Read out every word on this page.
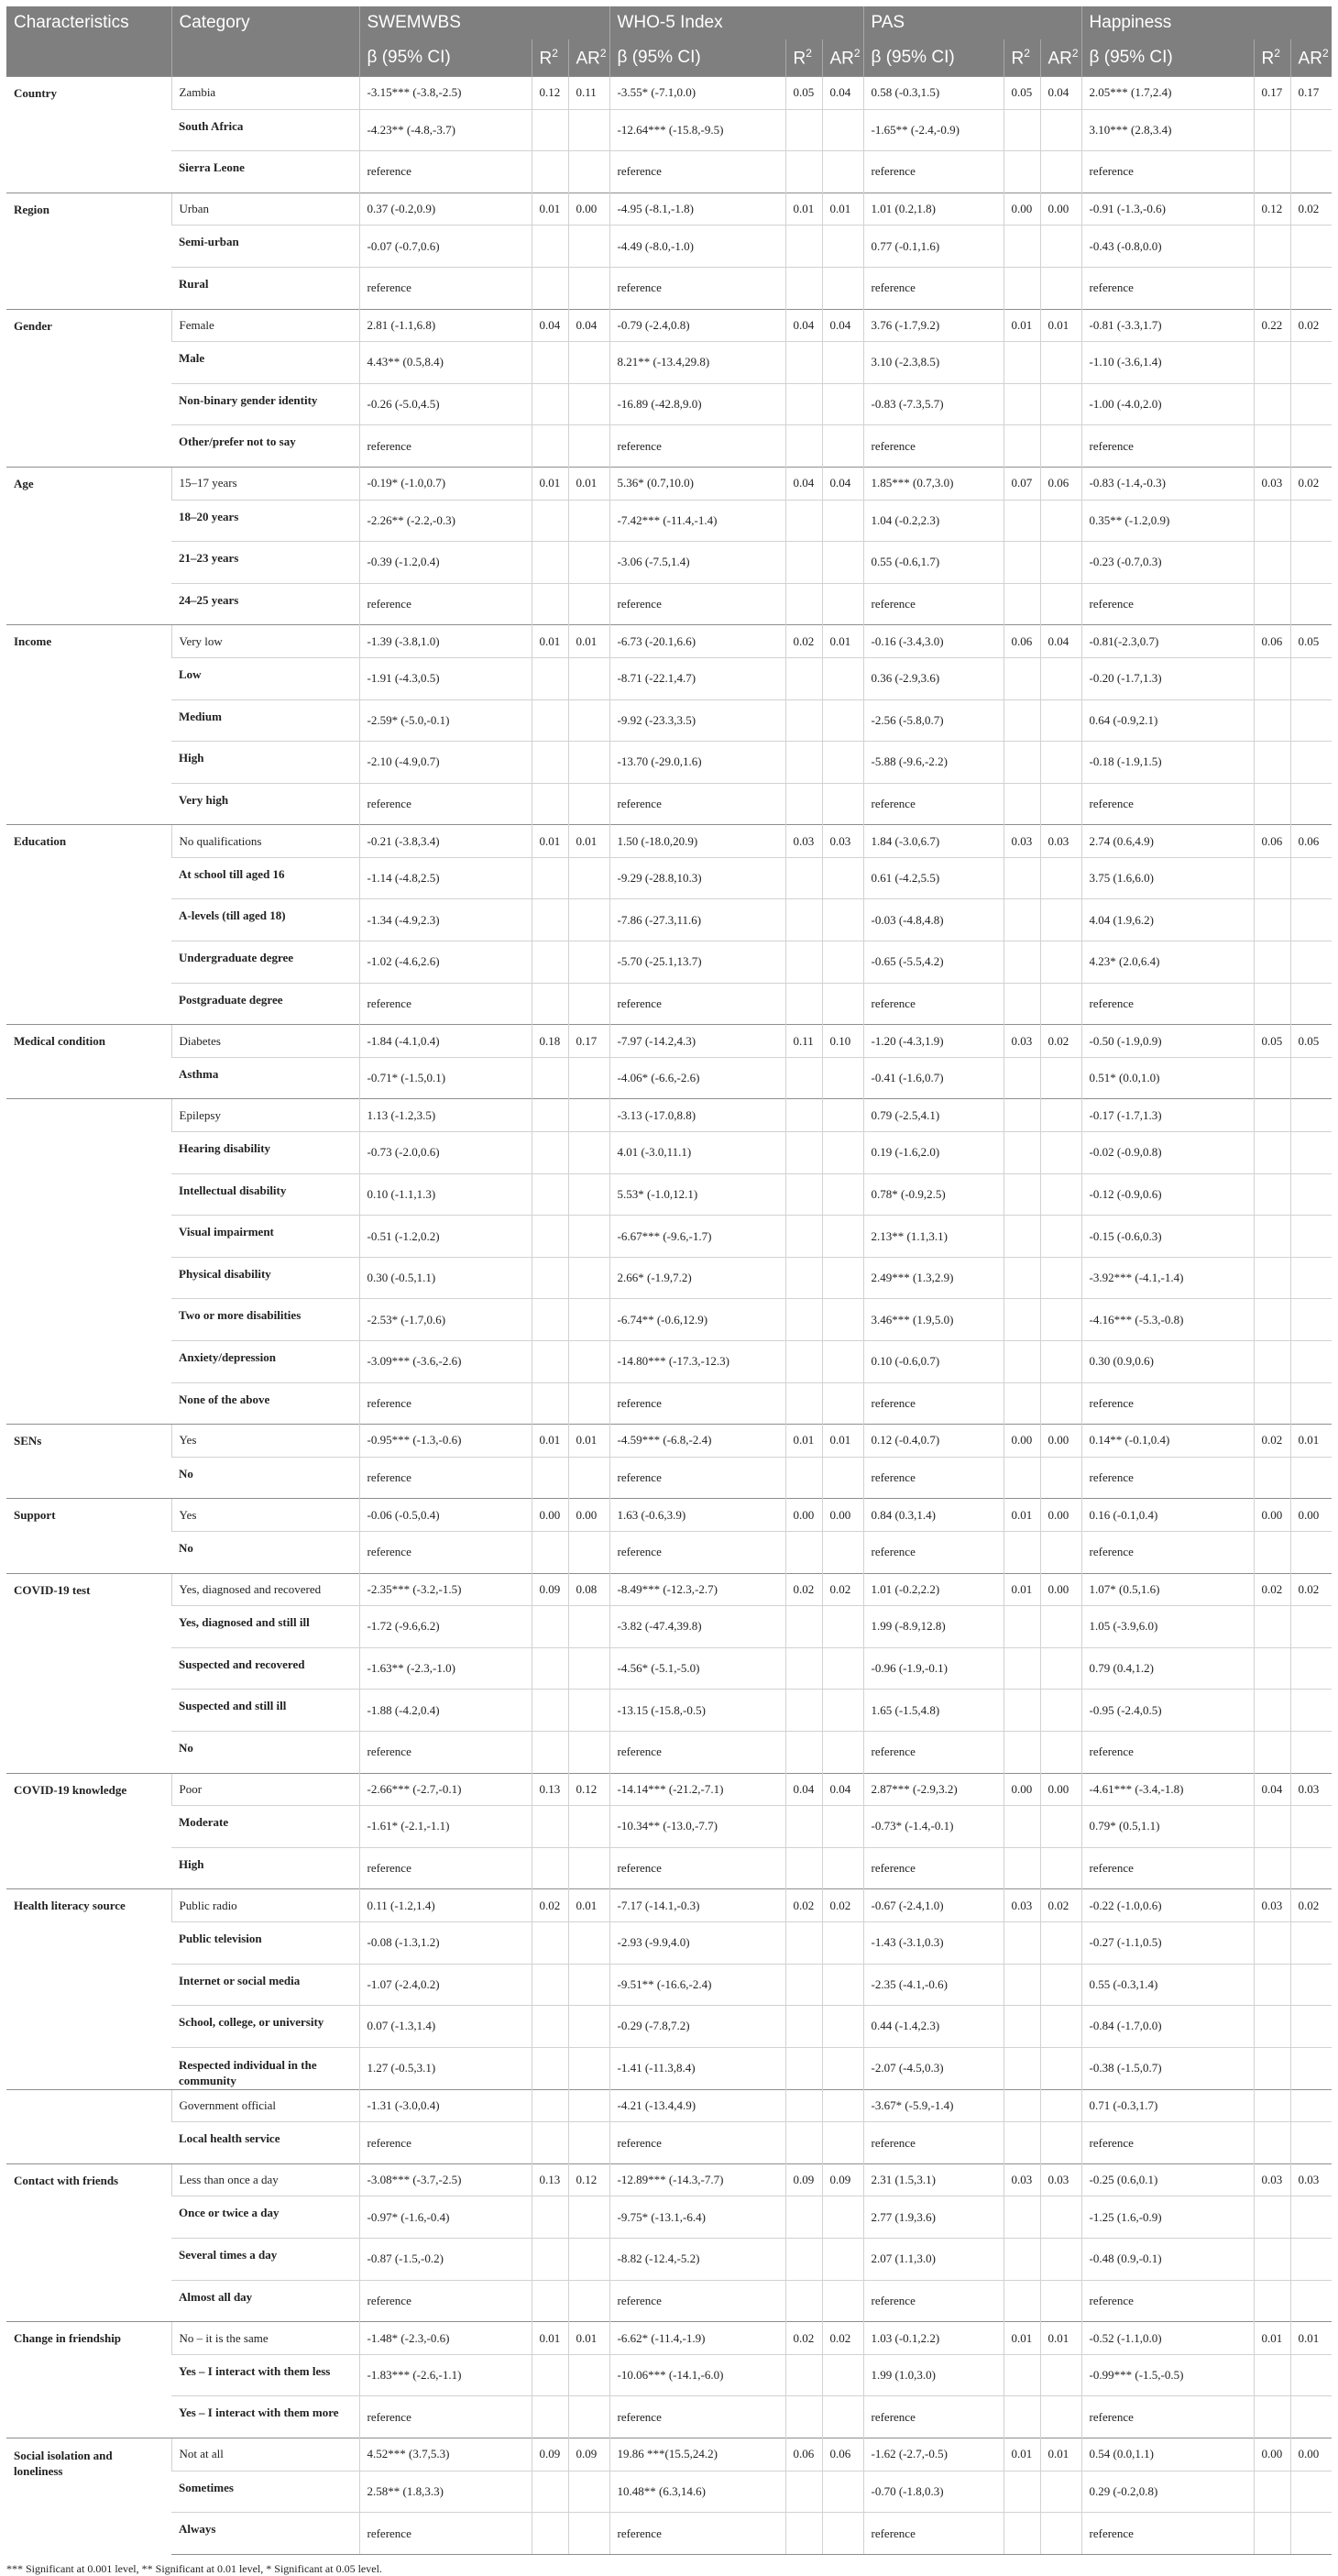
Characteristics	Category	SWEMWBS			WHO-5 Index			PAS			Happiness		
		β (95% CI)	$R^2$	$AR^2$	β (95% CI)	$R^2$	$AR^2$	β (95% CI)	$R^2$	$AR^2$	β (95% CI)	$R^2$	$AR^2$
Country	Zambia	-3.15*** (-3.8,-2.5)	0.12	0.11	-3.55* (-7.1,0.0)	0.05	0.04	0.58 (-0.3,1.5)	0.05	0.04	2.05*** (1.7,2.4)	0.17	0.17
	South Africa	-4.23** (-4.8,-3.7)			-12.64*** (-15.8,-9.5)			-1.65** (-2.4,-0.9)			3.10*** (2.8,3.4)		
	Sierra Leone	reference			reference			reference			reference		
Region	Urban	0.37 (-0.2,0.9)	0.01	0.00	-4.95 (-8.1,-1.8)	0.01	0.01	1.01 (0.2,1.8)	0.00	0.00	-0.91 (-1.3,-0.6)	0.12	0.02
	Semi-urban	-0.07 (-0.7,0.6)			-4.49 (-8.0,-1.0)			0.77 (-0.1,1.6)			-0.43 (-0.8,0.0)		
	Rural	reference			reference			reference			reference		
Gender	Female	2.81 (-1.1,6.8)	0.04	0.04	-0.79 (-2.4,0.8)	0.04	0.04	3.76 (-1.7,9.2)	0.01	0.01	-0.81 (-3.3,1.7)	0.22	0.02
	Male	4.43** (0.5,8.4)			8.21** (-13.4,29.8)			3.10 (-2.3,8.5)			-1.10 (-3.6,1.4)		
	Non-binary gender identity	-0.26 (-5.0,4.5)			-16.89 (-42.8,9.0)			-0.83 (-7.3,5.7)			-1.00 (-4.0,2.0)		
	Other/prefer not to say	reference			reference			reference			reference		
Age	15–17 years	-0.19* (-1.0,0.7)	0.01	0.01	5.36* (0.7,10.0)	0.04	0.04	1.85*** (0.7,3.0)	0.07	0.06	-0.83 (-1.4,-0.3)	0.03	0.02
	18–20 years	-2.26** (-2.2,-0.3)			-7.42*** (-11.4,-1.4)			1.04 (-0.2,2.3)			0.35** (-1.2,0.9)		
	21–23 years	-0.39 (-1.2,0.4)			-3.06 (-7.5,1.4)			0.55 (-0.6,1.7)			-0.23 (-0.7,0.3)		
	24–25 years	reference			reference			reference			reference		
Income	Very low	-1.39 (-3.8,1.0)	0.01	0.01	-6.73 (-20.1,6.6)	0.02	0.01	-0.16 (-3.4,3.0)	0.06	0.04	-0.81(-2.3,0.7)	0.06	0.05
	Low	-1.91 (-4.3,0.5)			-8.71 (-22.1,4.7)			0.36 (-2.9,3.6)			-0.20 (-1.7,1.3)		
	Medium	-2.59* (-5.0,-0.1)			-9.92 (-23.3,3.5)			-2.56 (-5.8,0.7)			0.64 (-0.9,2.1)		
	High	-2.10 (-4.9,0.7)			-13.70 (-29.0,1.6)			-5.88 (-9.6,-2.2)			-0.18 (-1.9,1.5)		
	Very high	reference			reference			reference			reference		
Education	No qualifications	-0.21 (-3.8,3.4)	0.01	0.01	1.50 (-18.0,20.9)	0.03	0.03	1.84 (-3.0,6.7)	0.03	0.03	2.74 (0.6,4.9)	0.06	0.06
	At school till aged 16	-1.14 (-4.8,2.5)			-9.29 (-28.8,10.3)			0.61 (-4.2,5.5)			3.75 (1.6,6.0)		
	A-levels (till aged 18)	-1.34 (-4.9,2.3)			-7.86 (-27.3,11.6)			-0.03 (-4.8,4.8)			4.04 (1.9,6.2)		
	Undergraduate degree	-1.02 (-4.6,2.6)			-5.70 (-25.1,13.7)			-0.65 (-5.5,4.2)			4.23* (2.0,6.4)		
	Postgraduate degree	reference			reference			reference			reference		
Medical condition	Diabetes	-1.84 (-4.1,0.4)	0.18	0.17	-7.97 (-14.2,4.3)	0.11	0.10	-1.20 (-4.3,1.9)	0.03	0.02	-0.50 (-1.9,0.9)	0.05	0.05
	Asthma	-0.71* (-1.5,0.1)			-4.06* (-6.6,-2.6)			-0.41 (-1.6,0.7)			0.51* (0.0,1.0)		
	Epilepsy	1.13 (-1.2,3.5)			-3.13 (-17.0,8.8)			0.79 (-2.5,4.1)			-0.17 (-1.7,1.3)		
	Hearing disability	-0.73 (-2.0,0.6)			4.01 (-3.0,11.1)			0.19 (-1.6,2.0)			-0.02 (-0.9,0.8)		
	Intellectual disability	0.10 (-1.1,1.3)			5.53* (-1.0,12.1)			0.78* (-0.9,2.5)			-0.12 (-0.9,0.6)		
	Visual impairment	-0.51 (-1.2,0.2)			-6.67*** (-9.6,-1.7)			2.13** (1.1,3.1)			-0.15 (-0.6,0.3)		
	Physical disability	0.30 (-0.5,1.1)			2.66* (-1.9,7.2)			2.49*** (1.3,2.9)			-3.92*** (-4.1,-1.4)		
	Two or more disabilities	-2.53* (-1.7,0.6)			-6.74** (-0.6,12.9)			3.46*** (1.9,5.0)			-4.16*** (-5.3,-0.8)		
	Anxiety/depression	-3.09*** (-3.6,-2.6)			-14.80*** (-17.3,-12.3)			0.10 (-0.6,0.7)			0.30 (0.9,0.6)		
	None of the above	reference			reference			reference			reference		
SENs	Yes	-0.95*** (-1.3,-0.6)	0.01	0.01	-4.59*** (-6.8,-2.4)	0.01	0.01	0.12 (-0.4,0.7)	0.00	0.00	0.14** (-0.1,0.4)	0.02	0.01
	No	reference			reference			reference			reference		
Support	Yes	-0.06 (-0.5,0.4)	0.00	0.00	1.63 (-0.6,3.9)	0.00	0.00	0.84 (0.3,1.4)	0.01	0.00	0.16 (-0.1,0.4)	0.00	0.00
	No	reference			reference			reference			reference		
COVID-19 test	Yes, diagnosed and recovered	-2.35*** (-3.2,-1.5)	0.09	0.08	-8.49*** (-12.3,-2.7)	0.02	0.02	1.01 (-0.2,2.2)	0.01	0.00	1.07* (0.5,1.6)	0.02	0.02
	Yes, diagnosed and still ill	-1.72 (-9.6,6.2)			-3.82 (-47.4,39.8)			1.99 (-8.9,12.8)			1.05 (-3.9,6.0)		
	Suspected and recovered	-1.63** (-2.3,-1.0)			-4.56* (-5.1,-5.0)			-0.96 (-1.9,-0.1)			0.79 (0.4,1.2)		
	Suspected and still ill	-1.88 (-4.2,0.4)			-13.15 (-15.8,-0.5)			1.65 (-1.5,4.8)			-0.95 (-2.4,0.5)		
	No	reference			reference			reference			reference		
COVID-19 knowledge	Poor	-2.66*** (-2.7,-0.1)	0.13	0.12	-14.14*** (-21.2,-7.1)	0.04	0.04	2.87*** (-2.9,3.2)	0.00	0.00	-4.61*** (-3.4,-1.8)	0.04	0.03
	Moderate	-1.61* (-2.1,-1.1)			-10.34** (-13.0,-7.7)			-0.73* (-1.4,-0.1)			0.79* (0.5,1.1)		
	High	reference			reference			reference			reference		
Health literacy source	Public radio	0.11 (-1.2,1.4)	0.02	0.01	-7.17 (-14.1,-0.3)	0.02	0.02	-0.67 (-2.4,1.0)	0.03	0.02	-0.22 (-1.0,0.6)	0.03	0.02
	Public television	-0.08 (-1.3,1.2)			-2.93 (-9.9,4.0)			-1.43 (-3.1,0.3)			-0.27 (-1.1,0.5)		
	Internet or social media	-1.07 (-2.4,0.2)			-9.51** (-16.6,-2.4)			-2.35 (-4.1,-0.6)			0.55 (-0.3,1.4)		
	School, college, or university	0.07 (-1.3,1.4)			-0.29 (-7.8,7.2)			0.44 (-1.4,2.3)			-0.84 (-1.7,0.0)		
	Respected individual in the community	1.27 (-0.5,3.1)			-1.41 (-11.3,8.4)			-2.07 (-4.5,0.3)			-0.38 (-1.5,0.7)		
	Government official	-1.31 (-3.0,0.4)			-4.21 (-13.4,4.9)			-3.67* (-5.9,-1.4)			0.71 (-0.3,1.7)		
	Local health service	reference			reference			reference			reference		
Contact with friends	Less than once a day	-3.08*** (-3.7,-2.5)	0.13	0.12	-12.89*** (-14.3,-7.7)	0.09	0.09	2.31 (1.5,3.1)	0.03	0.03	-0.25 (0.6,0.1)	0.03	0.03
	Once or twice a day	-0.97* (-1.6,-0.4)			-9.75* (-13.1,-6.4)			2.77 (1.9,3.6)			-1.25 (1.6,-0.9)		
	Several times a day	-0.87 (-1.5,-0.2)			-8.82 (-12.4,-5.2)			2.07 (1.1,3.0)			-0.48 (0.9,-0.1)		
	Almost all day	reference			reference			reference			reference		
Change in friendship	No – it is the same	-1.48* (-2.3,-0.6)	0.01	0.01	-6.62* (-11.4,-1.9)	0.02	0.02	1.03 (-0.1,2.2)	0.01	0.01	-0.52 (-1.1,0.0)	0.01	0.01
	Yes – I interact with them less	-1.83*** (-2.6,-1.1)			-10.06*** (-14.1,-6.0)			1.99 (1.0,3.0)			-0.99*** (-1.5,-0.5)		
	Yes – I interact with them more	reference			reference			reference			reference		
Social isolation and loneliness	Not at all	4.52*** (3.7,5.3)	0.09	0.09	19.86 ***(15.5,24.2)	0.06	0.06	-1.62 (-2.7,-0.5)	0.01	0.01	0.54 (0.0,1.1)	0.00	0.00
	Sometimes	2.58** (1.8,3.3)			10.48** (6.3,14.6)			-0.70 (-1.8,0.3)			0.29 (-0.2,0.8)		
	Always	reference			reference			reference			reference		
*** Significant at 0.001 level, ** Significant at 0.01 level, * Significant at 0.05 level.
